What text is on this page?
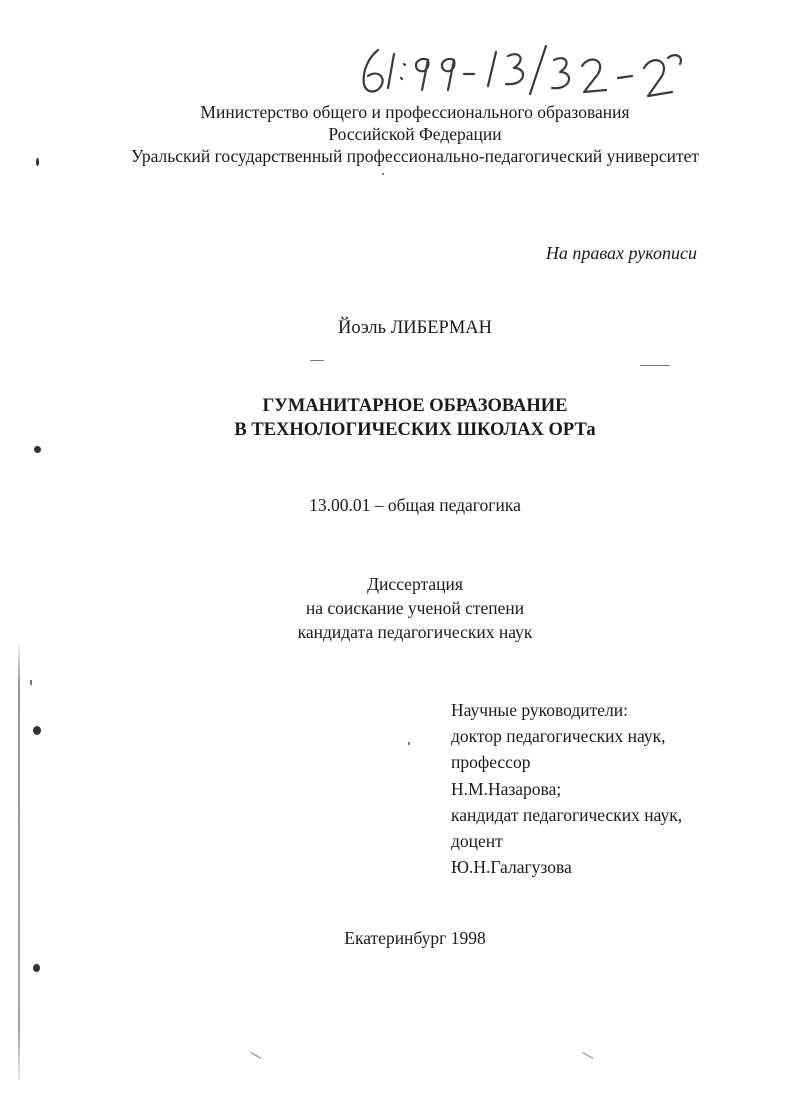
Министерство общего и профессионального образования
Российской Федерации
Уральский государственный профессионально-педагогический университет
На правах рукописи
Йоэль ЛИБЕРМАН
ГУМАНИТАРНОЕ ОБРАЗОВАНИЕ
В ТЕХНОЛОГИЧЕСКИХ ШКОЛАХ ОРТа
13.00.01 – общая педагогика
Диссертация
на соискание ученой степени
кандидата педагогических наук
Научные руководители:
доктор педагогических наук,
профессор
Н.М.Назарова;
кандидат педагогических наук,
доцент
Ю.Н.Галагузова
Екатеринбург 1998
